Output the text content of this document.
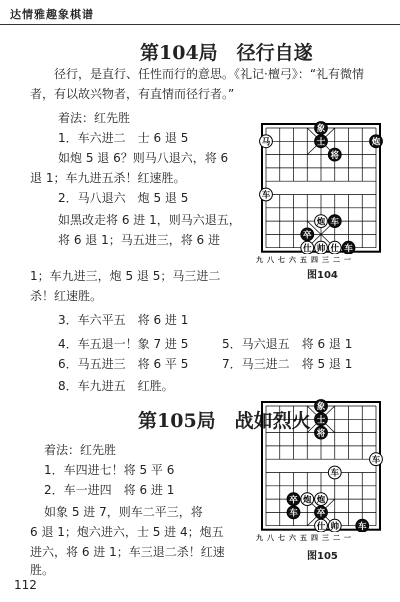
达情雅趣象棋谱
第104局　径行自遂
径行，是直行、任性而行的意思。《礼记·檀弓》：“礼有微情者，有以故兴物者，有直情而径行者。”
着法：红先胜
1．车六进二　士 6 退 5
如炮 5 退 6？则马八退六，将 6
退 1；车九进五杀！红速胜。
2．马八退六　炮 5 退 5
如黑改走将 6 进 1，则马六退五，将 6 退 1；马五进三，将 6 进
1；车九进三，炮 5 退 5；马三进二
杀！红速胜。
3．车六平五　将 6 进 1
4．车五退一！象 7 进 5	5．马六退五　将 6 退 1
6．马五进三　将 6 平 5	7．马三进二　将 5 退 1
8．车九进五　红胜。
象
马	士	炮
将
车
炮 车
卒
仕 帅 仕 车
九八七六五四三二一
图104
第105局　战如烈火
着法：红先胜
1．车四进七！将 5 平 6
2．车一进四　将 6 进 1
如象 5 进 7，则车二平三，将
6 退 1；炮六进六，士 5 进 4；炮五
进六，将 6 进 1；车三退二杀！红速
胜。
象
士
将
车
车
卒 炮 炮
车 卒
仕 帅 车
九八七六五四三二一
图105
112
